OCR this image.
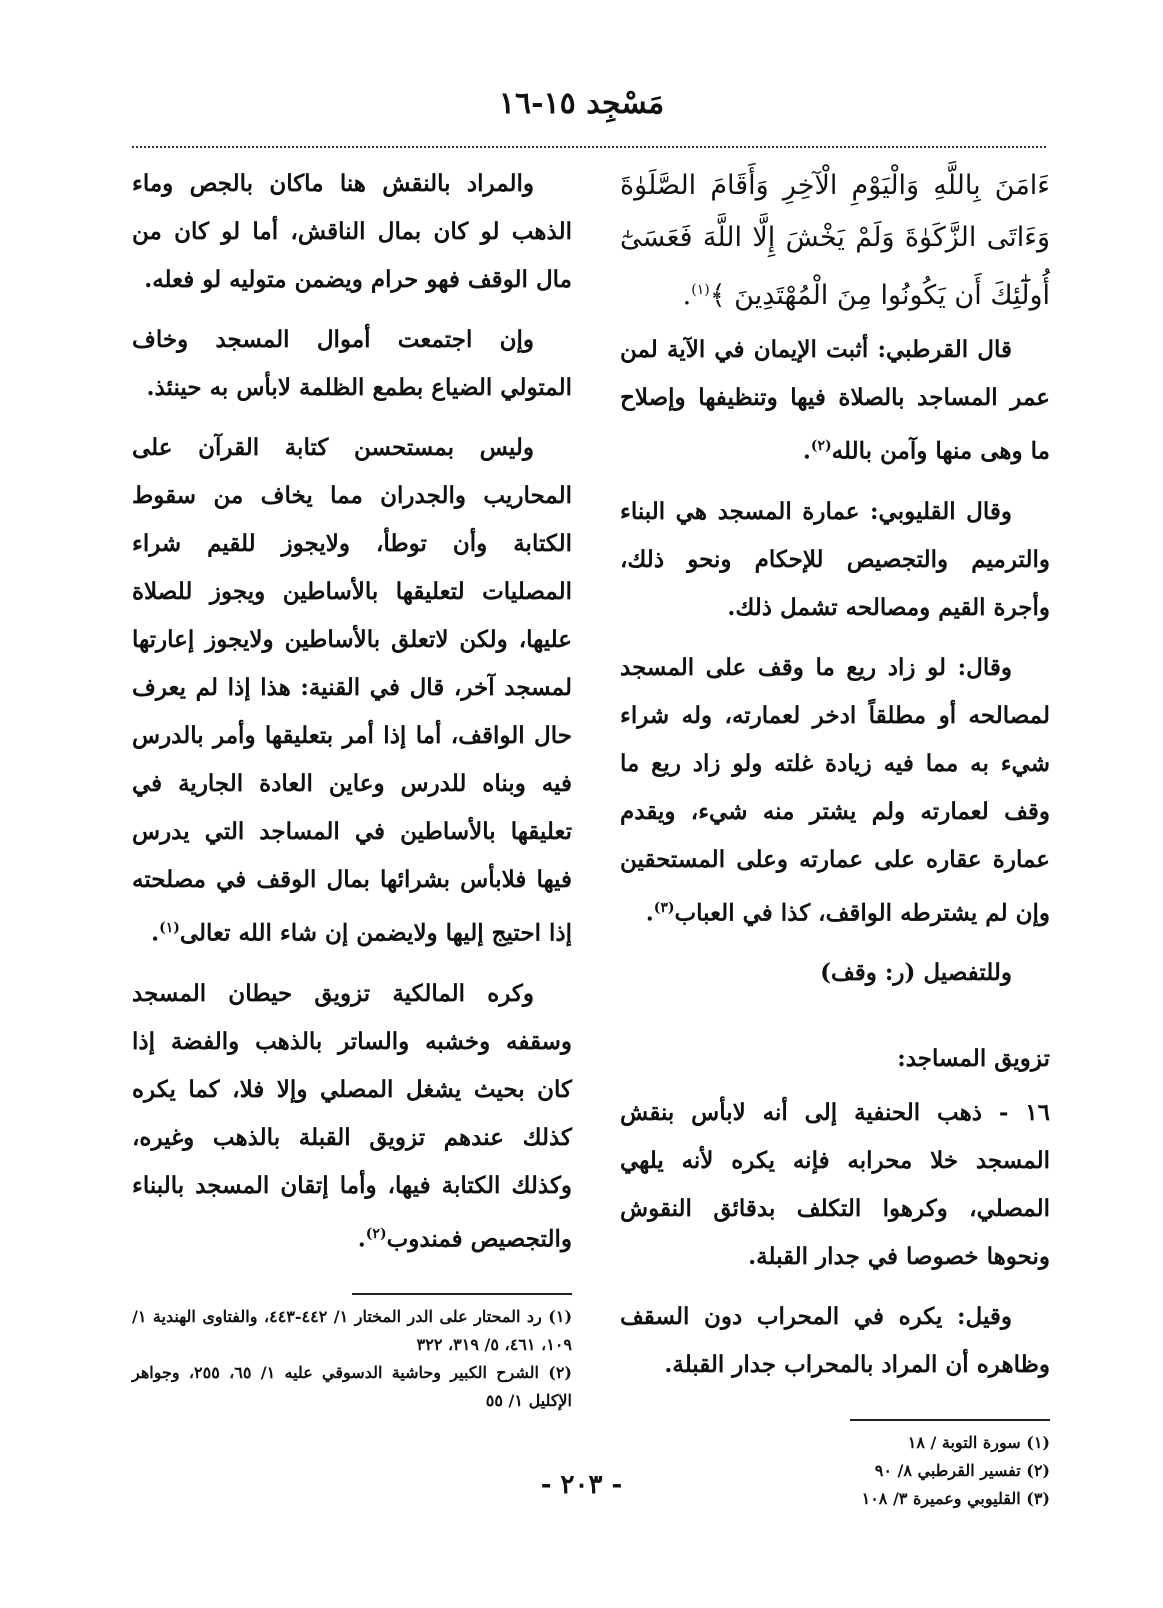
مَسْجِد ١٥-١٦

ءَامَنَ بِاللَّهِ وَالْيَوْمِ الْآخِرِ وَأَقَامَ الصَّلَوٰةَ وَءَاتَى الزَّكَوٰةَ وَلَمْ يَخْشَ إِلَّا اللَّهَ فَعَسَىٰٓ أُولَٰٓئِكَ أَن يَكُونُوا مِنَ الْمُهْتَدِينَ ﴾$^{(١)}$.

قال القرطبي: أثبت الإيمان في الآية لمن عمر المساجد بالصلاة فيها وتنظيفها وإصلاح ما وهى منها وآمن بالله$^{(٢)}$.

وقال القليوبي: عمارة المسجد هي البناء والترميم والتجصيص للإحكام ونحو ذلك، وأجرة القيم ومصالحه تشمل ذلك.

وقال: لو زاد ريع ما وقف على المسجد لمصالحه أو مطلقاً ادخر لعمارته، وله شراء شيء به مما فيه زيادة غلته ولو زاد ريع ما وقف لعمارته ولم يشتر منه شيء، ويقدم عمارة عقاره على عمارته وعلى المستحقين وإن لم يشترطه الواقف، كذا في العباب$^{(٣)}$.

وللتفصيل (ر: وقف)

تزويق المساجد:

١٦ - ذهب الحنفية إلى أنه لابأس بنقش المسجد خلا محرابه فإنه يكره لأنه يلهي المصلي، وكرهوا التكلف بدقائق النقوش ونحوها خصوصا في جدار القبلة.

وقيل: يكره في المحراب دون السقف وظاهره أن المراد بالمحراب جدار القبلة.

(١) سورة التوبة / ١٨

(٢) تفسير القرطبي ٨/ ٩٠

(٣) القليوبي وعميرة ٣/ ١٠٨

والمراد بالنقش هنا ماكان بالجص وماء الذهب لو كان بمال الناقش، أما لو كان من مال الوقف فهو حرام ويضمن متوليه لو فعله.

وإن اجتمعت أموال المسجد وخاف المتولي الضياع بطمع الظلمة لابأس به حينئذ.

وليس بمستحسن كتابة القرآن على المحاريب والجدران مما يخاف من سقوط الكتابة وأن توطأ، ولايجوز للقيم شراء المصليات لتعليقها بالأساطين ويجوز للصلاة عليها، ولكن لاتعلق بالأساطين ولايجوز إعارتها لمسجد آخر، قال في القنية: هذا إذا لم يعرف حال الواقف، أما إذا أمر بتعليقها وأمر بالدرس فيه وبناه للدرس وعاين العادة الجارية في تعليقها بالأساطين في المساجد التي يدرس فيها فلابأس بشرائها بمال الوقف في مصلحته إذا احتيج إليها ولايضمن إن شاء الله تعالى$^{(١)}$.

وكره المالكية تزويق حيطان المسجد وسقفه وخشبه والساتر بالذهب والفضة إذا كان بحيث يشغل المصلي وإلا فلا، كما يكره كذلك عندهم تزويق القبلة بالذهب وغيره، وكذلك الكتابة فيها، وأما إتقان المسجد بالبناء والتجصيص فمندوب$^{(٢)}$.

(١) رد المحتار على الدر المختار ١/ ٤٤٢-٤٤٣، والفتاوى الهندية ١/ ١٠٩، ٤٦١، ٥/ ٣١٩، ٣٢٢

(٢) الشرح الكبير وحاشية الدسوقي عليه ١/ ٦٥، ٢٥٥، وجواهر الإكليل ١/ ٥٥

- ٢٠٣ -
